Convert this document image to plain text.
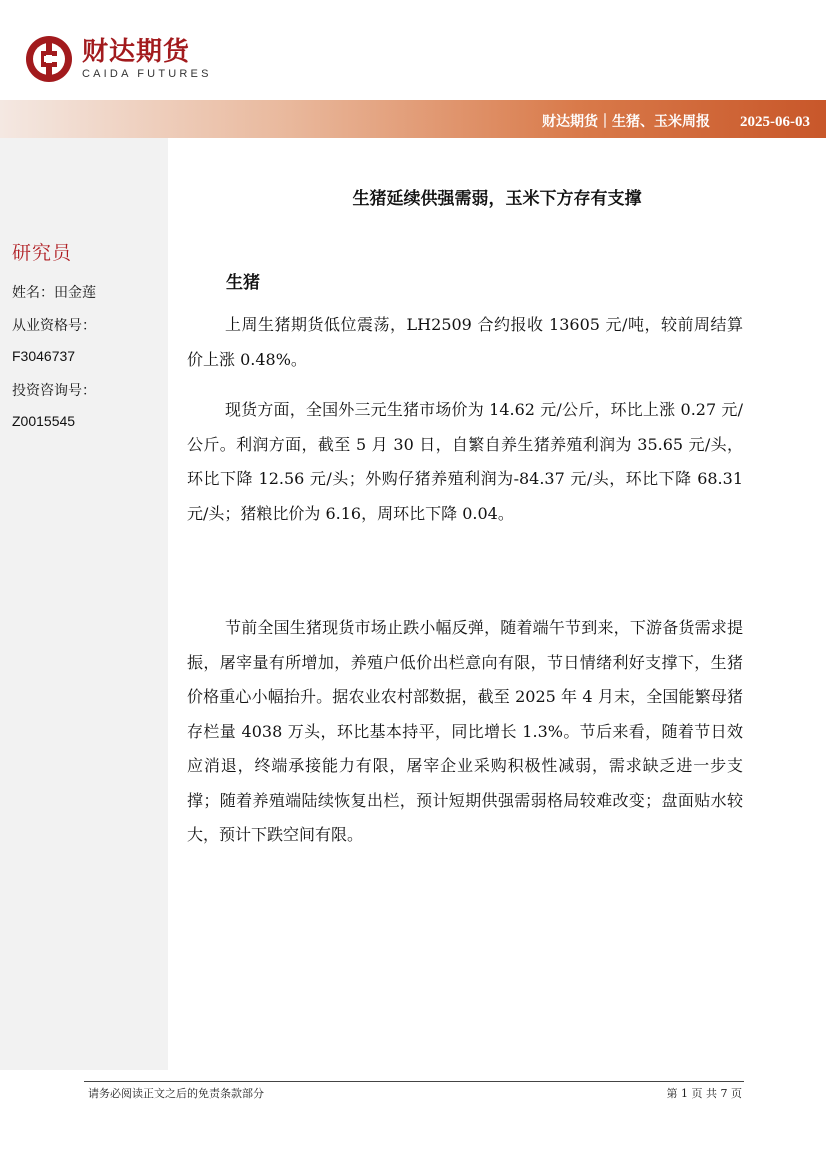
财达期货
CAIDA FUTURES
财达期货｜生猪、玉米周报 2025-06-03
研究员
姓名：田金莲
从业资格号：
F3046737
投资咨询号：
Z0015545
生猪延续供强需弱，玉米下方存有支撑
生猪
上周生猪期货低位震荡，LH2509 合约报收 13605 元/吨，较前周结算价上涨 0.48%。
现货方面，全国外三元生猪市场价为 14.62 元/公斤，环比上涨 0.27 元/公斤。利润方面，截至 5 月 30 日，自繁自养生猪养殖利润为 35.65 元/头，环比下降 12.56 元/头；外购仔猪养殖利润为-84.37 元/头，环比下降 68.31 元/头；猪粮比价为 6.16，周环比下降 0.04。
节前全国生猪现货市场止跌小幅反弹，随着端午节到来，下游备货需求提振，屠宰量有所增加，养殖户低价出栏意向有限，节日情绪利好支撑下，生猪价格重心小幅抬升。据农业农村部数据，截至 2025 年 4 月末，全国能繁母猪存栏量 4038 万头，环比基本持平，同比增长 1.3%。节后来看，随着节日效应消退，终端承接能力有限，屠宰企业采购积极性减弱，需求缺乏进一步支撑；随着养殖端陆续恢复出栏，预计短期供强需弱格局较难改变；盘面贴水较大，预计下跌空间有限。
请务必阅读正文之后的免责条款部分	第 1 页 共 7 页
